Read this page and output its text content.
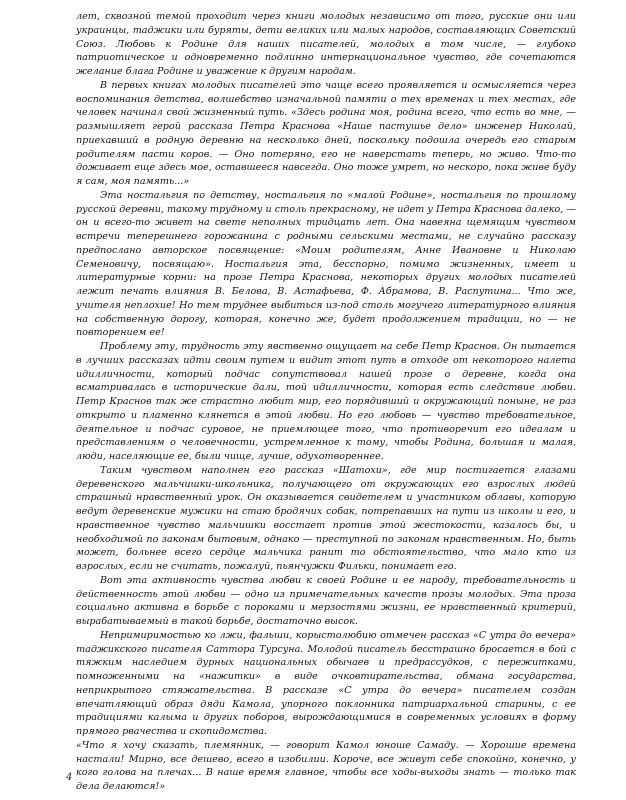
лет, сквозной темой проходит через книги молодых независимо от того, русские они или украинцы, таджики или буряты, дети великих или малых народов, составляющих Советский Союз. Любовь к Родине для наших писателей, молодых в том числе, — глубоко патриотическое и одновременно подлинно интернациональное чувство, где сочетаются желание блага Родине и уважение к другим народам.

В первых книгах молодых писателей это чаще всего проявляется и осмысляется через воспоминания детства, волшебство изначальной памяти о тех временах и тех местах, где человек начинал свой жизненный путь. «Здесь родина моя, родина всего, что есть во мне, — размышляет герой рассказа Петра Краснова «Наше пастушье дело» инженер Николай, приехавший в родную деревню на несколько дней, поскольку подошла очередь его старым родителям пасти коров. — Оно потеряно, его не наверстать теперь, но живо. Что-то доживает еще здесь мое, оставшееся навсегда. Оно тоже умрет, но нескоро, пока живе буду я сам, моя память...»

Эта ностальгия по детству, ностальгия по «малой Родине», ностальгия по прошлому русской деревни, такому трудному и столь прекрасному, не идет у Петра Краснова далеко, — он и всего-то живет на свете неполных тридцать лет. Она навеяна щемящим чувством встречи теперешнего горожанина с родными сельскими местами, не случайно рассказу предпослано авторское посвящение: «Моим родителям, Анне Ивановне и Николаю Семеновичу, посвящаю». Ностальгия эта, бесспорно, помимо жизненных, имеет и литературные корни: на прозе Петра Краснова, некоторых других молодых писателей лежит печать влияния В. Белова, В. Астафьева, Ф. Абрамова, В. Распутина... Что же, учителя неплохие! Но тем труднее выбиться из-под столь могучего литературного влияния на собственную дорогу, которая, конечно же, будет продолжением традиции, но — не повторением ее!

Проблему эту, трудность эту явственно ощущает на себе Петр Краснов. Он пытается в лучших рассказах идти своим путем и видит этот путь в отходе от некоторого налета идилличности, который подчас сопутствовал нашей прозе о деревне, когда она всматривалась в исторические дали, той идилличности, которая есть следствие любви. Петр Краснов так же страстно любит мир, его порядивший и окружающий поныне, не раз открыто и пламенно клянется в этой любви. Но его любовь — чувство требовательное, деятельное и подчас суровое, не приемлющее того, что противоречит его идеалам и представлениям о человечности, устремленное к тому, чтобы Родина, большая и малая, люди, населяющие ее, были чище, лучше, одухотвореннее.

Таким чувством наполнен его рассказ «Шатохи», где мир постигается глазами деревенского мальчишки-школьника, получающего от окружающих его взрослых людей страшный нравственный урок. Он оказывается свидетелем и участником облавы, которую ведут деревенские мужики на стаю бродячих собак, потрепавших на пути из школы и его, и нравственное чувство мальчишки восстает против этой жестокости, казалось бы, и необходимой по законам бытовым, однако — преступной по законам нравственным. Но, быть может, больнее всего сердце мальчика ранит то обстоятельство, что мало кто из взрослых, если не считать, пожалуй, пьянчужки Фильки, понимает его.

Вот эта активность чувства любви к своей Родине и ее народу, требовательность и действенность этой любви — одно из примечательных качеств прозы молодых. Эта проза социально активна в борьбе с пороками и мерзостями жизни, ее нравственный критерий, вырабатываемый в такой борьбе, достаточно высок.

Непримиримостью ко лжи, фальши, корыстолюбию отмечен рассказ «С утра до вечера» таджикского писателя Саттора Турсуна. Молодой писатель бесстрашно бросается в бой с тяжким наследием дурных национальных обычаев и предрассудков, с пережитками, помноженными на «нажитки» в виде очковтирательства, обмана государства, неприкрытого стяжательства. В рассказе «С утра до вечера» писателем создан впечатляющий образ дяди Камола, упорного поклонника патриархальной старины, с ее традициями калыма и других поборов, вырождающимися в современных условиях в форму прямого рвачества и скопидомства.

«Что я хочу сказать, племянник, — говорит Камол юноше Самаду. — Хорошие времена настали! Мирно, все дешево, всего в изобилии. Короче, все живут себе спокойно, конечно, у кого голова на плечах... В наше время главное, чтобы все ходы-выходы знать — только так дела делаются!»

4
